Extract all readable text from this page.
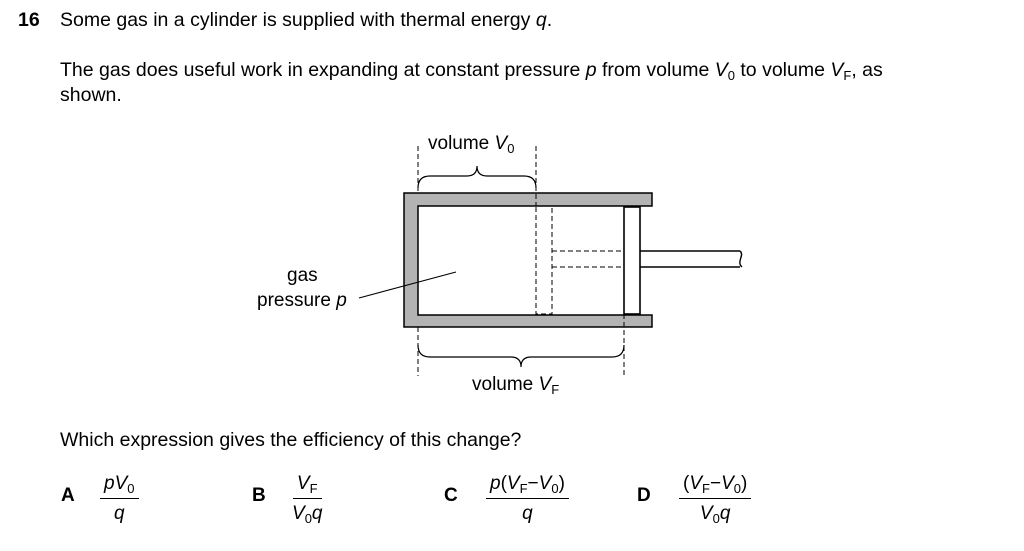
16 Some gas in a cylinder is supplied with thermal energy q.
The gas does useful work in expanding at constant pressure p from volume $V_0$ to volume $V_F$, as
shown.
volume $V_0$
volume $V_F$
gas
pressure p
Which expression gives the efficiency of this change?
A $\frac{pV_0}{q}$	B $\frac{V_F}{V_0q}$	C $\frac{p(V_F-V_0)}{q}$	D $\frac{(V_F-V_0)}{V_0q}$
